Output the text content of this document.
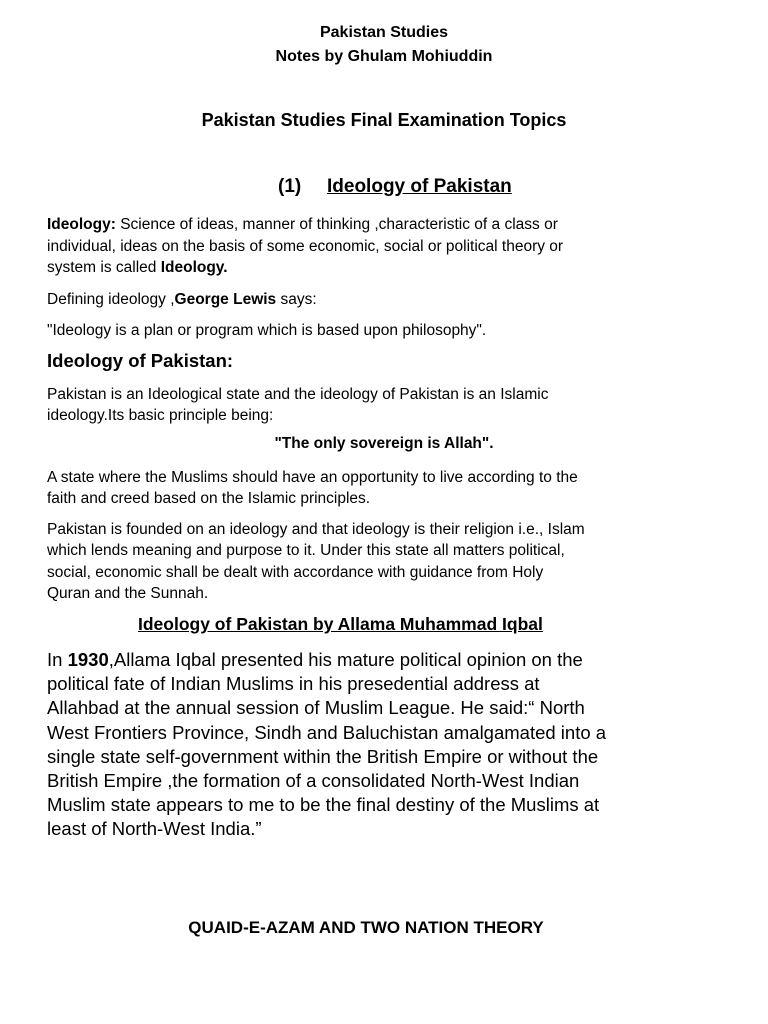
Pakistan Studies
Notes by Ghulam Mohiuddin
Pakistan Studies Final Examination Topics
(1) Ideology of Pakistan
Ideology: Science of ideas, manner of thinking ,characteristic of a class or
individual, ideas on the basis of some economic, social or political theory or
system is called Ideology.
Defining ideology ,George Lewis says:
"Ideology is a plan or program which is based upon philosophy".
Ideology of Pakistan:
Pakistan is an Ideological state and the ideology of Pakistan is an Islamic
ideology.Its basic principle being:
"The only sovereign is Allah".
A state where the Muslims should have an opportunity to live according to the
faith and creed based on the Islamic principles.
Pakistan is founded on an ideology and that ideology is their religion i.e., Islam
which lends meaning and purpose to it. Under this state all matters political,
social, economic shall be dealt with accordance with guidance from Holy
Quran and the Sunnah.
Ideology of Pakistan by Allama Muhammad Iqbal
In 1930,Allama Iqbal presented his mature political opinion on the
political fate of Indian Muslims in his presedential address at
Allahbad at the annual session of Muslim League. He said:“ North
West Frontiers Province, Sindh and Baluchistan amalgamated into a
single state self-government within the British Empire or without the
British Empire ,the formation of a consolidated North-West Indian
Muslim state appears to me to be the final destiny of the Muslims at
least of North-West India.”
QUAID-E-AZAM AND TWO NATION THEORY
